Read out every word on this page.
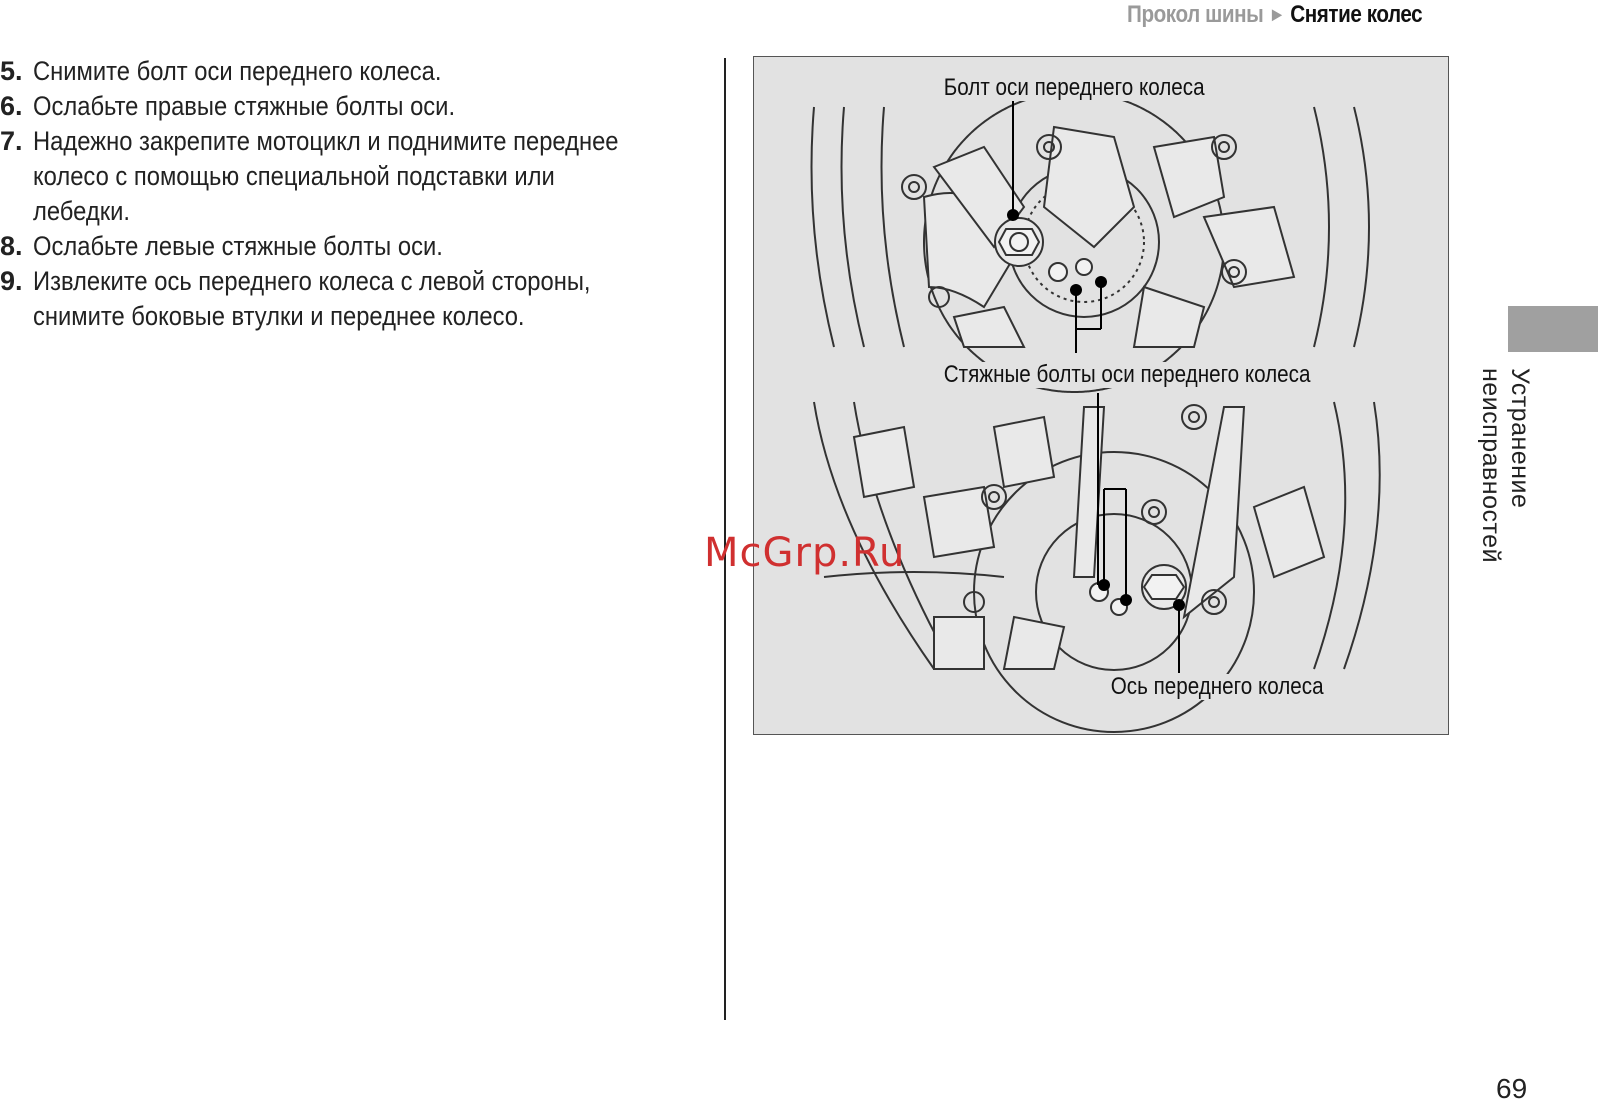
Прокол шины ► Снятие колес
5. Снимите болт оси переднего колеса.
6. Ослабьте правые стяжные болты оси.
7. Надежно закрепите мотоцикл и поднимите переднее колесо с помощью специальной подставки или лебедки.
8. Ослабьте левые стяжные болты оси.
9. Извлеките ось переднего колеса с левой стороны, снимите боковые втулки и переднее колесо.
Болт оси переднего колеса
Стяжные болты оси переднего колеса
Ось переднего колеса
McGrp.Ru
Устранение неисправностей
69
